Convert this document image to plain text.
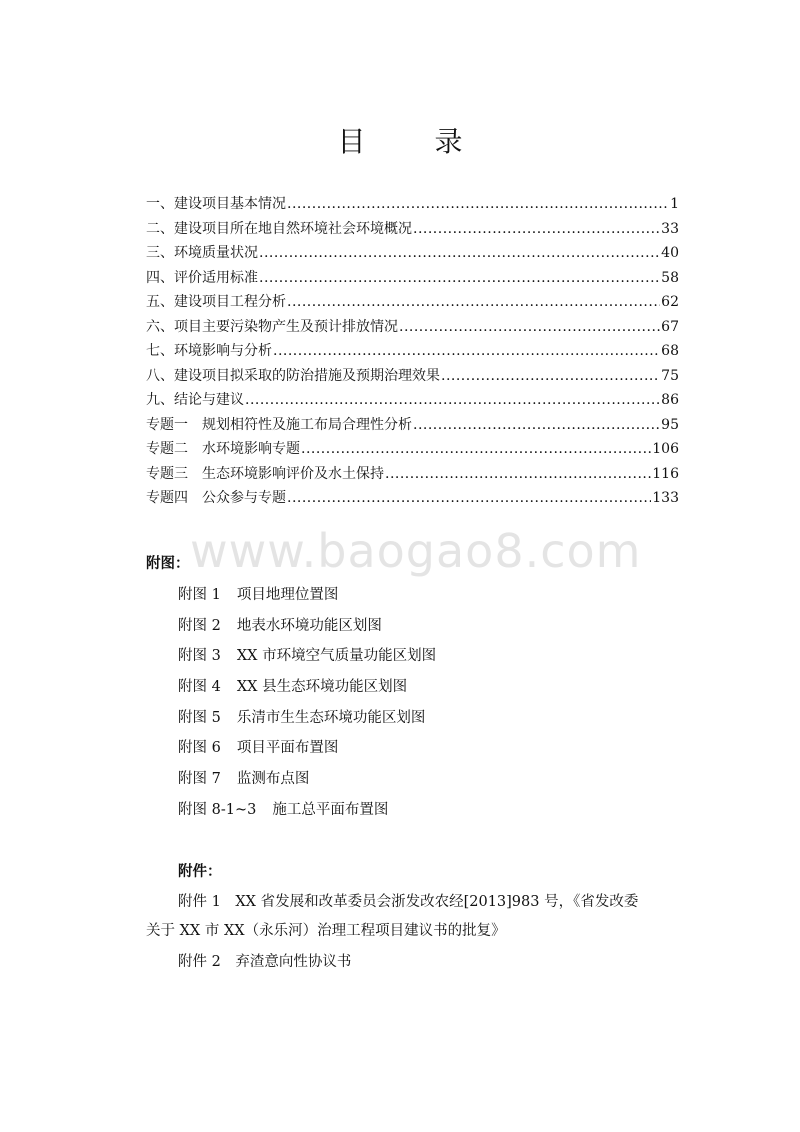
目 录
一、建设项目基本情况 .....	1
二、建设项目所在地自然环境社会环境概况 .....	33
三、环境质量状况 .....	40
四、评价适用标准 .....	58
五、建设项目工程分析 .....	62
六、项目主要污染物产生及预计排放情况 .....	67
七、环境影响与分析 .....	68
八、建设项目拟采取的防治措施及预期治理效果 .....	75
九、结论与建议 .....	86
专题一　规划相符性及施工布局合理性分析 .....	95
专题二　水环境影响专题 .....	106
专题三　生态环境影响评价及水土保持 .....	116
专题四　公众参与专题 .....	133
www.baogao8.com
附图：
附图 1 项目地理位置图
附图 2 地表水环境功能区划图
附图 3 XX 市环境空气质量功能区划图
附图 4 XX 县生态环境功能区划图
附图 5 乐清市生生态环境功能区划图
附图 6 项目平面布置图
附图 7 监测布点图
附图 8-1~3 施工总平面布置图
附件：
附件 1　XX 省发展和改革委员会浙发改农经[2013]983 号，《省发改委
关于 XX 市 XX（永乐河）治理工程项目建议书的批复》
附件 2　弃渣意向性协议书
